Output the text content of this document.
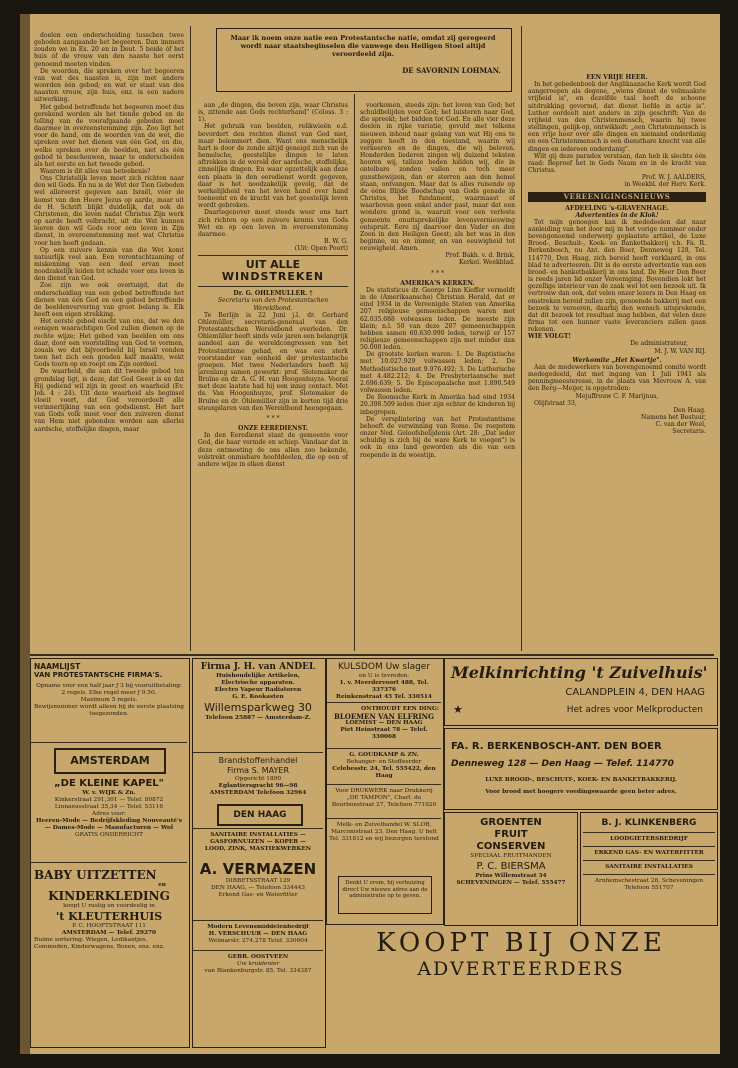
doelen een onderscheiding tusschen twee geboden aangaande het begeeren. Dan immers zouden we in Ex. 20 en in Deut. 5 beide óf het huis óf de vrouw van den naaste het eerst genoemd moeten vinden.

De woorden, die spreken over het begeeren van wat des naasten is, zijn met andere woorden één gebod; en wat er staat van des naasten vrouw, zijn huis, enz. is een nadere uitwerking.

Het gebod betreffende het begeeren moet dus gerekend worden als het tiende gebod en de telling van de voorafgaande geboden moet daarmee in overeenstemming zijn. Zoo ligt het voor de hand, om de woorden van de wet, die spreken over het dienen van één God, en die, welke spreken over de beelden, niet als één gebod te beschouwen, maar te onderscheiden als het eerste en het tweede gebod.

Waarom is dit alles van beteekenis?

Ons Christelijk leven moet zich richten naar den wil Gods. En nu is de Wet der Tien Geboden wel allereerst gegeven aan Israël, vóór de komst van den Heere Jezus op aarde, maar uit de H. Schrift blijkt duidelijk, dat ook de Christenen, die leven nadat Christus Zijn werk op aarde heeft volbracht, uit die Wet kunnen leeren den wil Gods voor een leven in Zijn dienst, in overeenstemming met wat Christus voor hen heeft gedaan.

Op een zuivere kennis van die Wet komt natuurlijk veel aan. Een verontachtzaming of miskenning van een deel ervan moet noodzakelijk leiden tot schade voor ons leven in den dienst van God.

Zoo zijn we ook overtuigd, dat de onderscheiding van een gebod betreffende het dienen van één God en een gebod betreffende de beeldenververing van groot belang is. Elk heeft een eigen strekking.

Het eerste gebod eischt van ons, dat we den eenigen waarachtigen God zullen dienen op de rechte wijze; Het gebod van beelden om ons daar, door een voorstelling van God te vormen, zouals we dat bijvoorbeeld bij Israël vonden toen het zich een gouden kalf maakte, wekt Gods toorn op en roept om Zijn oordeel.

De waarheid, die aan dit tweede gebod ten grondslag ligt, is deze, dat God Geest is en dat Hij gediend wil zijn in geest en waarheid (Ev. Joh. 4 : 24). Uit deze waarheid als beginsel vloeit voort, dat God veroordeelt alle verinnerlijking van een godsdienst. Het hart van Gods volk moet voor den zuiveren dienst van Hem niet gebonden worden aan allerlei aardsche, stoffelijke dingen, maar

Maar ik noem onze natie een Protestantsche natie, omdat zij geregeerd wordt naar staatsbeginselen die vanwege den Heiligen Stoel altijd veroordeeld zijn.
DE SAVORNIN LOHMAN.

aan „de dingen, die boven zijn, waar Christus is, zittende aan Gods rechterhand" (Coloss. 3 : 1).

Het gebruik van beelden, relikwieën e.d. bevordert den rechten dienst van God niet, maar belemmert dien. Want ons menschelijk hart is door de zonde altijd geneigd zich van de hemelsche, geestelijke dingen te laten aftrekken in de wereld der aardsche, stoffelijke, zinnelijke dingen. En waar opzettelijk aan deze een plaats in den eeredienst wordt gegeven, daar is het noodzakelijk gevolg, dat de werkelijkheid van het leven hand over hand toeneemt en de kracht van het geestelijk leven wordt gebroken.

Daartegenover moet steeds weer ons hart zich richten op een zuivere kennis van Gods Wet en op een leven in overeenstemming daarmee.

B. W. G.

(Uit: Open Poort)

UIT ALLE
WINDSTREKEN

Dr. G. OHLEMULLER. †

Secretaris van den Protestantschen Wereldbond.

Te Berlijn is 22 Juni j.l. dr. Gerhard Ohlemüller, secretaris-generaal van den Protestantschen Wereldbond overleden. Dr. Ohlemüller heeft sinds vele jaren een belangrijk aandeel aan de wereldcongressen van het Protestantisme gehad, en was een sterk voorstander van eenheid der protestantsche groepen. Met twee Nederlanders heeft hij jarenlang samen gewerkt: prof. Slotemaker de Bruïne en dr. A. G. H. van Hoogenhuyze. Vooral met deze laatste had hij een innig contact. Met ds. Van Hoogenhuyze, prof. Slotemaker de Bruïne en dr. Ohlemüller zijn in korten tijd drie steunpilaren van den Wereldbond heengegaan.

* * *

ONZE EEREDIENST.

In den Eeredienst staat de gemeente voor God, die haar vormde en schiep. Vandaar dat in deze ontmoeting de ons allen zoo bekende, volstrekt onmisbare hoofddeelen, die op een of andere wijze in elken dienst

voorkomen, steeds zijn: het loven van God; het schuldbelijden voor God; het luisteren naar God, die spreekt; het bidden tot God. En alle vier deze deelen in rijke variatie, gevuld met telkens nieuwen inhoud naar gelang van wat Hij ons te zeggen heeft in den toestand, waarin wij verkeeren en de dingen, die wij beleven. Honderden liederen zingen wij duizend teksten hooren wij, talloze beden hidden wij, die in ontelbare zonden vallen en toch meer gunstbewijzen, dan er sterren aan den hemel staan, ontvangen. Maar dat is alles ruisende op de ééne Blijde Boodschap van Gods genade in Christus, het fundament, waarmaast of waarboven geen enkel ander past, maar dat een wondere grond is, waaruit voor een verloste gemeente onuitsprekelijke levensvernieuwing ontspruit. Eere zij daarvoor den Vader en den Zoon in den Heiligen Geest; als het was in den beginne, nu en immer, en van eeuwigheid tot eeuwigheid. Amen.

Prof. Bakh. v. d. Brink,

Kerkel. Weekblad.

* * *

AMERIKA'S KERKEN.

De statisticus dr. George Linn Kieffer vermeldt in de (Amerikaansche) Christian Herald, dat er eind 1934 in de Vereenigde Staten van Amerika 207 religieuse gemeenschappen waren met 62.035.688 volwassen leden. De meeste zijn klein; n.l. 50 van deze 207 gemeenschappen hebben samen 60.630.990 leden, terwijl er 157 religieuze gemeenschappen zijn met minder dan 50.000 leden.

De grootste kerken waren: 1. De Baptistische met 10.027.929 volwassen leden; 2. De Methodistische met 9.976.492; 3. De Lutherische met 4.482.212; 4. De Presbyteriaansche met 2.696.639; 5. De Episcopaalsche met 1.890.549 volwassen leden.

De Roomsche Kerk in Amerika had eind 1934 20.398.509 leden (hier zijn echter de kinderen bij inbegrepen.

De versplintering van het Protestantisme behoeft de verwinning van Rome. De roepstem onzer Ned. Geloofsbelijdenis (Art. 28: „Dat ieder schuldig is zich bij de ware Kerk te voegen") is ook in ons land geworden als die van een roepende in de woestijn.

EEN VRIJE HEER.

In het gebedenboek der Anglikaansche Kerk wordt God aangeroepen als degene, „wiens dienst de volmaakste vrijheid is", en dezelfde taal heeft de schoone uitdrukking gevormd, dat dienst liefde in actie is". Luther oordeelt niet anders in zijn geschrift: Van de vrijheid van den Christenmensch, waarin hij twee stellingen, gelijk-op, ontwikkelt: „een Christenmensch is een vrije heer over alle dingen en niemand onderdanig en een Christenmensch is een dienstbare knecht van alle dingen en iedereen onderdanig".

Wilt gij deze paradox verstaan, dan heb ik slechts één raad: Beproef het in Gods Naam en in de kracht van Christus.

Prof. W. J. AALDERS,

in Weekbl. der Herv. Kerk.

VEREENIGINGSNIEUWS

AFDEELING 's-GRAVENHAGE.

Advertenties in de Klok!

Tot mijn genoegen kan ik mededeelen dat naar aanleiding van het door mij in het vorige nummer onder bovengenoemd onderwerp geplaatste artikel, de Luxe Brood-, Beschuit-, Koek- en Banketbakkerij v.h. Fa. R. Berkenbosch, nu Ant. den Boer, Denneweg 128, Tel. 114770, Den Haag, zich bereid heeft verklaard, in ons blad te adverteeren. Dit is de eerste advertentie van een brood- en banketbakkerij in ons land. De Heer Den Boer is reeds jaren lid onzer Vereeniging. Bovendien lokt het gezellige interieur van de zaak wel tot een bezoek uit. Ik vertrouw dan ook, dat velen onzer lezers in Den Haag en omstreken bereid zullen zijn, genoemde bakkerij met een bezoek te vereeren, daarbij den wensch uitsprekende, dat dit bezoek tot resultaat mag hebben, dat velen deze firma tot een hunner vaste leveranciers zullen gaan rekenen.

WIE VOLGT!

De administrateur,

M. J. W. VAN RIJ.

Werkomite „Het Kwartje".

Aan de medewerkers van bovengenoemd comité wordt medegedeeld, dat met ingang van 1 Juli 1941 als penningmeesteresse, in de plaats van Mevrouw A. van den Berg—Meijer, is opgetreden:

Mejuffrouw C. F. Marijnus,

Olijfstraat 33,

Den Haag.

Namens het Bestuur,

C. van der Weel,

Secretaris.

NAAMLIJST

VAN PROTESTANTSCHE FIRMA'S.

Opname voor een half jaar ƒ 3 bij vooruitbetaling: 2 regels. Elke regel meer ƒ 0.50.

Maximum 5 regels.

Bewijsnummer wordt alleen bij de eerste plaatsing toegezonden.

AMSTERDAM

„DE KLEINE KAPEL"

W. v. WIJK & Zn.

Kinkerstraat 291,301 — Telef. 80872 Linnaeusstraat 35,34 — Telef. 53116

Adres voor:

Heeren-Mode — Bedrijfskleding Nouveauté's — Dames-Mode — Manufacturen — Wol

GRATIS ONDERRICHT

BABY UITZETTEN

en

KINDERKLEDING

koopt U rustig en voordeelig in

't KLEUTERHUIS

P. C. HOOFTSTRAAT 111

AMSTERDAM — Telef. 29270

Ruime sortering: Wiegen, Ledikantjes, Commoden, Kinderwagens, Boxen, enz. enz.

Firma J. H. van ANDEL

Huishoudelijke Artikelen,

Electrische apparaten.

Electro Vapeur Radiatoren

G. E. Kookasten

Willemsparkweg 30

Telefoon 25887 — Amsterdam-Z.

Brandstoffenhandel

Firma S. MAYER

Opgericht 1890

Eglantiersgracht 96—98

AMSTERDAM Telefoon 32964

DEN HAAG

SANITAIRE INSTALLATIES —

GASFORNUIZEN — KOPER —

LOOD, ZINK, MASTIEKWERKEN

A. VERMAZEN

DIBBETSSTRAAT 129

DEN HAAG, — Telefoon 334443

Erkend Gas- en Waterfitter

Modern Levensmiddelenbedrijf

H. VERSCHUUR — DEN HAAG

Weimarstr. 274,278 Telef. 330604

GEBR. OOSTVEEN

Uw kruidenier

van Blankenburgstr. 85, Tel. 334387

KULSDOM Uw slager

en U is tevreden.

1. v. Meerdervoort 488, Tel. 337376

Reinkenstraat 45 Tel. 330514

ONTHOUDT EEN DING:

BLOEMEN VAN ELFRING

LOEMIST — DEN HAAG

Piet Heinstraat 78 — Telef. 330068

G. GOUDKAMP & ZN.

Behanger- en Stoffeerder

Celebesstr. 24, Tel. 555422, den Haag

Voor DRUKWERK naar Drukkerij „DE TAMPON", Charl. de Bourbonstraat 27, Telefoon 771920

Melk- en Zuivelhandel W. SLOB,

Marconistraat 23, Den Haag. U belt

Tel. 331812 en wij bezorgen terstond

Denkt U erom, bij verhuizing direct Uw nieuwe adres aan de administratie op te geven.
Melkinrichting 't Zuivelhuis'
CALANDPLEIN 4, DEN HAAG
★	Het adres voor Melkproducten
FA. R. BERKENBOSCH-ANT. DEN BOER
Denneweg 128 — Den Haag — Telef. 114770
LUXE BROOD-, BESCHUIT-, KOEK- EN BANKETBAKKERIJ.
Voor brood met hoogere voedingswaarde geen beter adres.

GROENTEN

FRUIT

CONSERVEN

SPECIAAL FRUITMANDEN

P. C. BIERSMA

Prins Willemstraat 34

SCHEVENINGEN — Telef. 555477

B. J. KLINKENBERG

LOODGIETERSBEDRIJF

ERKEND GAS- EN WATERFITTER

SANITAIRE INSTALLATIES

Arnhemschestraat 28, Scheveningen

Telefoon 551707

KOOPT BIJ ONZE
ADVERTEERDERS
